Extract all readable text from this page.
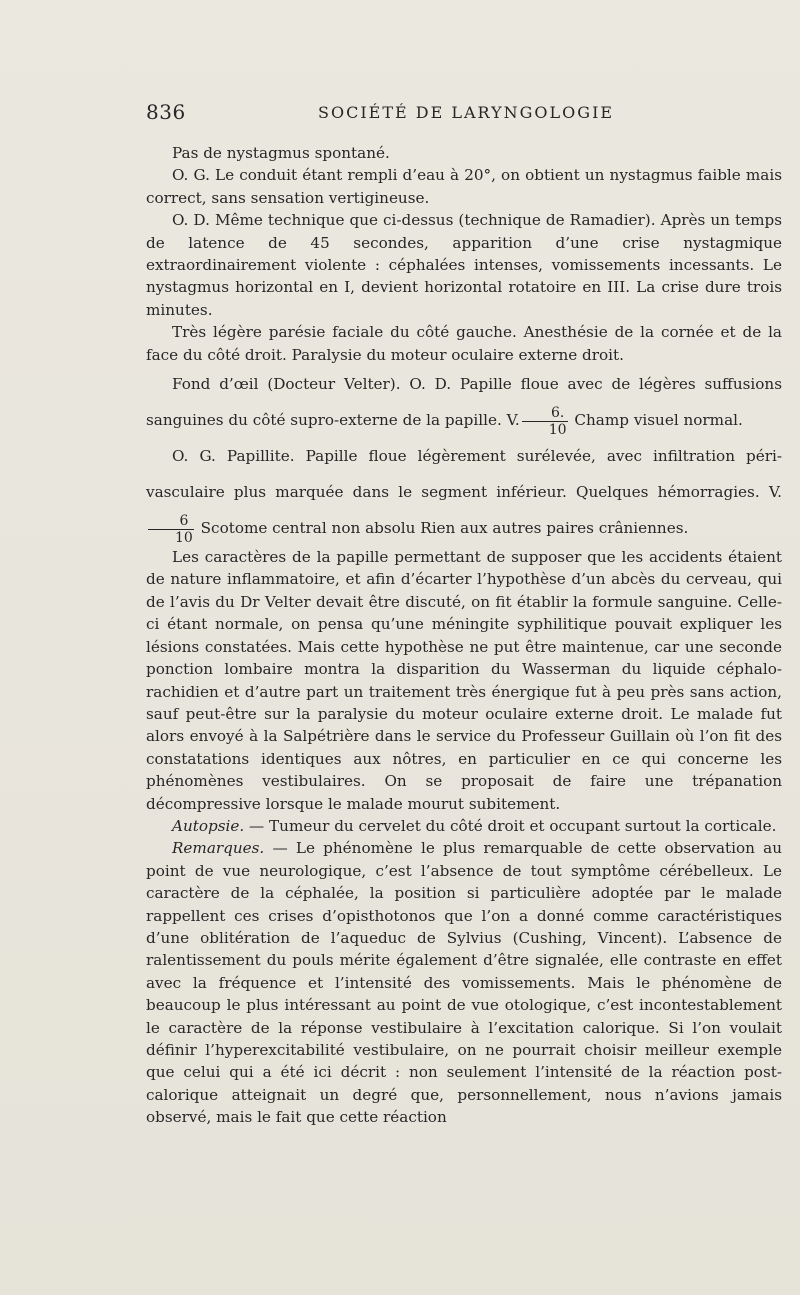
836	SOCIÉTÉ DE LARYNGOLOGIE

Pas de nystagmus spontané.

O. G. Le conduit étant rempli d’eau à 20°, on obtient un nystagmus faible mais correct, sans sensation vertigineuse.

O. D. Même technique que ci-dessus (technique de Ramadier). Après un temps de latence de 45 secondes, apparition d’une crise nystagmique extraordinairement violente : céphalées intenses, vomissements incessants. Le nystagmus horizontal en I, devient horizontal rotatoire en III. La crise dure trois minutes.

Très légère parésie faciale du côté gauche. Anesthésie de la cornée et de la face du côté droit. Paralysie du moteur oculaire externe droit.

Fond d’œil (Docteur Velter). O. D. Papille floue avec de légères suffusions sanguines du côté supro-externe de la papille. V. $\frac{6.}{10}$ Champ visuel normal.

O. G. Papillite. Papille floue légèrement surélevée, avec infiltration péri-vasculaire plus marquée dans le segment inférieur. Quelques hémorragies. V.
$\frac{6}{10}$ Scotome central non absolu Rien aux autres paires crâniennes.

Les caractères de la papille permettant de supposer que les accidents étaient de nature inflammatoire, et afin d’écarter l’hypothèse d’un abcès du cerveau, qui de l’avis du Dr Velter devait être discuté, on fit établir la formule sanguine. Celle-ci étant normale, on pensa qu’une méningite syphilitique pouvait expliquer les lésions constatées. Mais cette hypothèse ne put être maintenue, car une seconde ponction lombaire montra la disparition du Wasserman du liquide céphalo-rachidien et d’autre part un traitement très énergique fut à peu près sans action, sauf peut-être sur la paralysie du moteur oculaire externe droit. Le malade fut alors envoyé à la Salpétrière dans le service du Professeur Guillain où l’on fit des constatations identiques aux nôtres, en particulier en ce qui concerne les phénomènes vestibulaires. On se proposait de faire une trépanation décompressive lorsque le malade mourut subitement.

Autopsie. — Tumeur du cervelet du côté droit et occupant surtout la corticale.

Remarques. — Le phénomène le plus remarquable de cette observation au point de vue neurologique, c’est l’absence de tout symptôme cérébelleux. Le caractère de la céphalée, la position si particulière adoptée par le malade rappellent ces crises d’opisthotonos que l’on a donné comme caractéristiques d’une oblitération de l’aqueduc de Sylvius (Cushing, Vincent). L’absence de ralentissement du pouls mérite également d’être signalée, elle contraste en effet avec la fréquence et l’intensité des vomissements. Mais le phénomène de beaucoup le plus intéressant au point de vue otologique, c’est incontestablement le caractère de la réponse vestibulaire à l’excitation calorique. Si l’on voulait définir l’hyperexcitabilité vestibulaire, on ne pourrait choisir meilleur exemple que celui qui a été ici décrit : non seulement l’intensité de la réaction post-calorique atteignait un degré que, personnellement, nous n’avions jamais observé, mais le fait que cette réaction
